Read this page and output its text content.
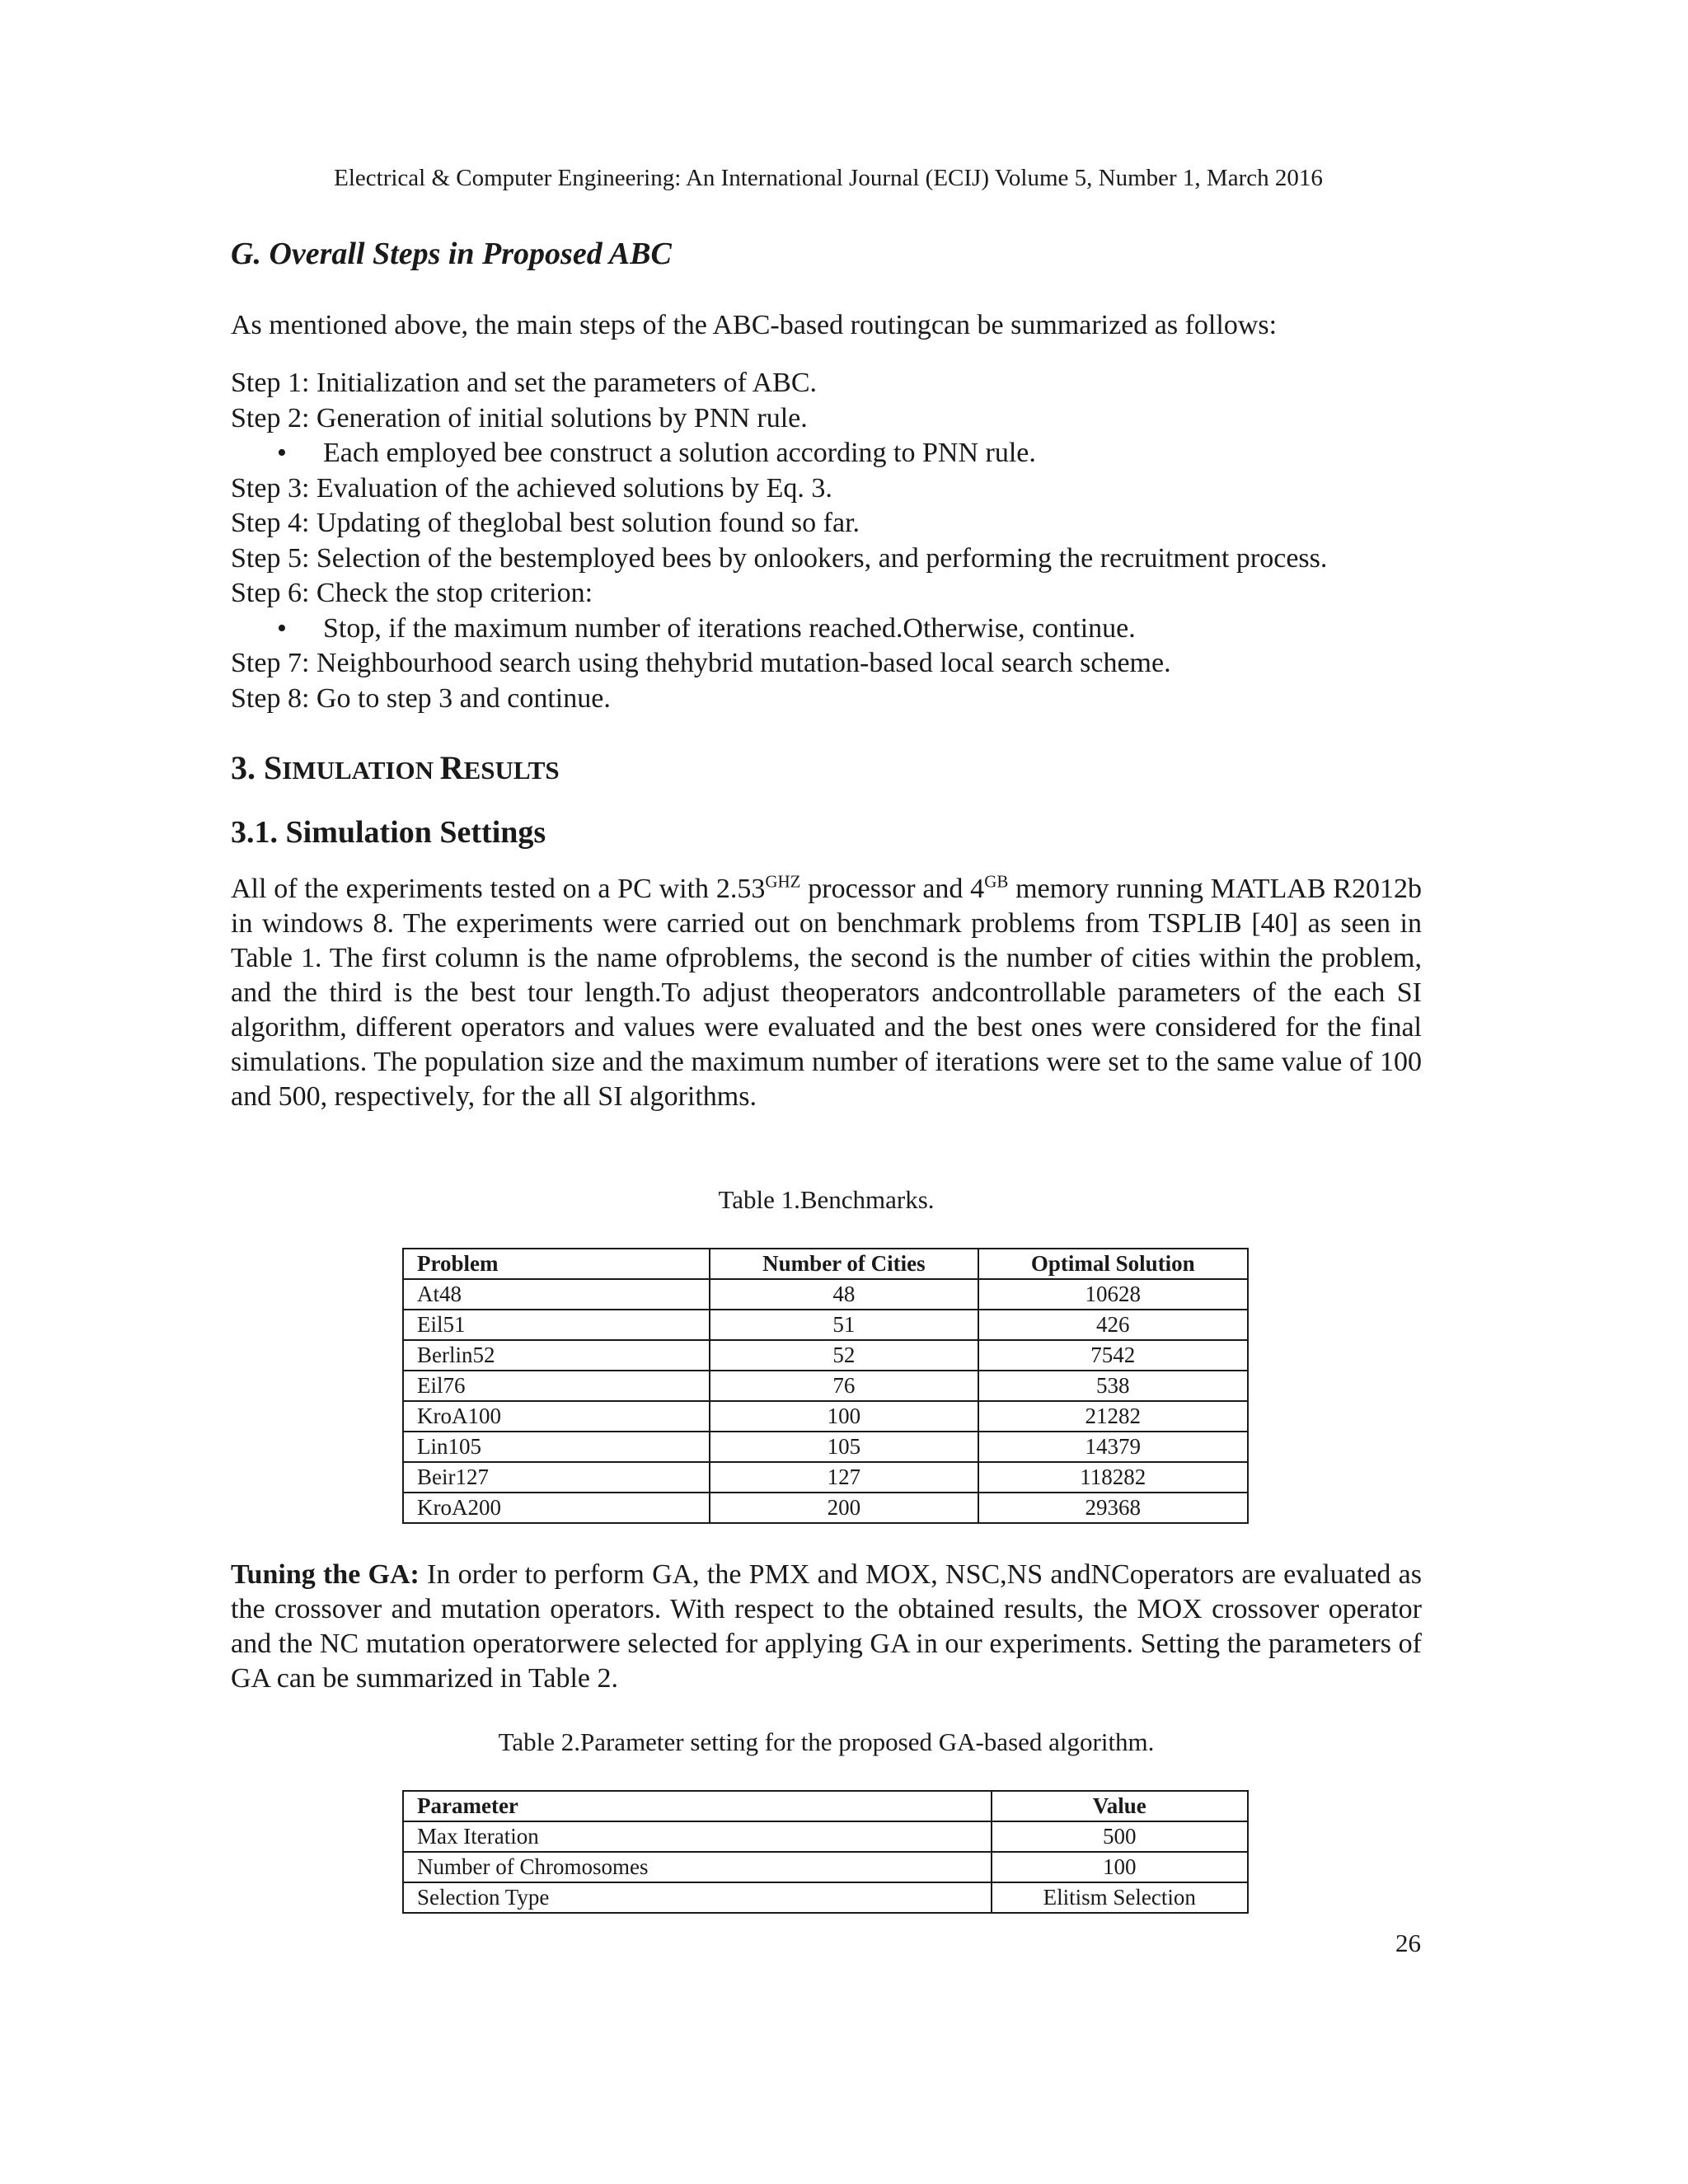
Electrical & Computer Engineering: An International Journal (ECIJ) Volume 5, Number 1, March 2016
G. Overall Steps in Proposed ABC
As mentioned above, the main steps of the ABC-based routingcan be summarized as follows:
Step 1: Initialization and set the parameters of ABC.
Step 2: Generation of initial solutions by PNN rule.
• Each employed bee construct a solution according to PNN rule.
Step 3: Evaluation of the achieved solutions by Eq. 3.
Step 4: Updating of theglobal best solution found so far.
Step 5: Selection of the bestemployed bees by onlookers, and performing the recruitment process.
Step 6: Check the stop criterion:
• Stop, if the maximum number of iterations reached.Otherwise, continue.
Step 7: Neighbourhood search using thehybrid mutation-based local search scheme.
Step 8: Go to step 3 and continue.
3. SIMULATION RESULTS
3.1. Simulation Settings
All of the experiments tested on a PC with $2.53^{GHZ}$ processor and $4^{GB}$ memory running MATLAB R2012b in windows 8. The experiments were carried out on benchmark problems from TSPLIB [40] as seen in Table 1. The first column is the name ofproblems, the second is the number of cities within the problem, and the third is the best tour length.To adjust theoperators andcontrollable parameters of the each SI algorithm, different operators and values were evaluated and the best ones were considered for the final simulations. The population size and the maximum number of iterations were set to the same value of 100 and 500, respectively, for the all SI algorithms.
Table 1.Benchmarks.
Problem	Number of Cities	Optimal Solution
At48	48	10628
Eil51	51	426
Berlin52	52	7542
Eil76	76	538
KroA100	100	21282
Lin105	105	14379
Beir127	127	118282
KroA200	200	29368
Tuning the GA: In order to perform GA, the PMX and MOX, NSC,NS andNCoperators are evaluated as the crossover and mutation operators. With respect to the obtained results, the MOX crossover operator and the NC mutation operatorwere selected for applying GA in our experiments. Setting the parameters of GA can be summarized in Table 2.
Table 2.Parameter setting for the proposed GA-based algorithm.
Parameter	Value
Max Iteration	500
Number of Chromosomes	100
Selection Type	Elitism Selection
26
